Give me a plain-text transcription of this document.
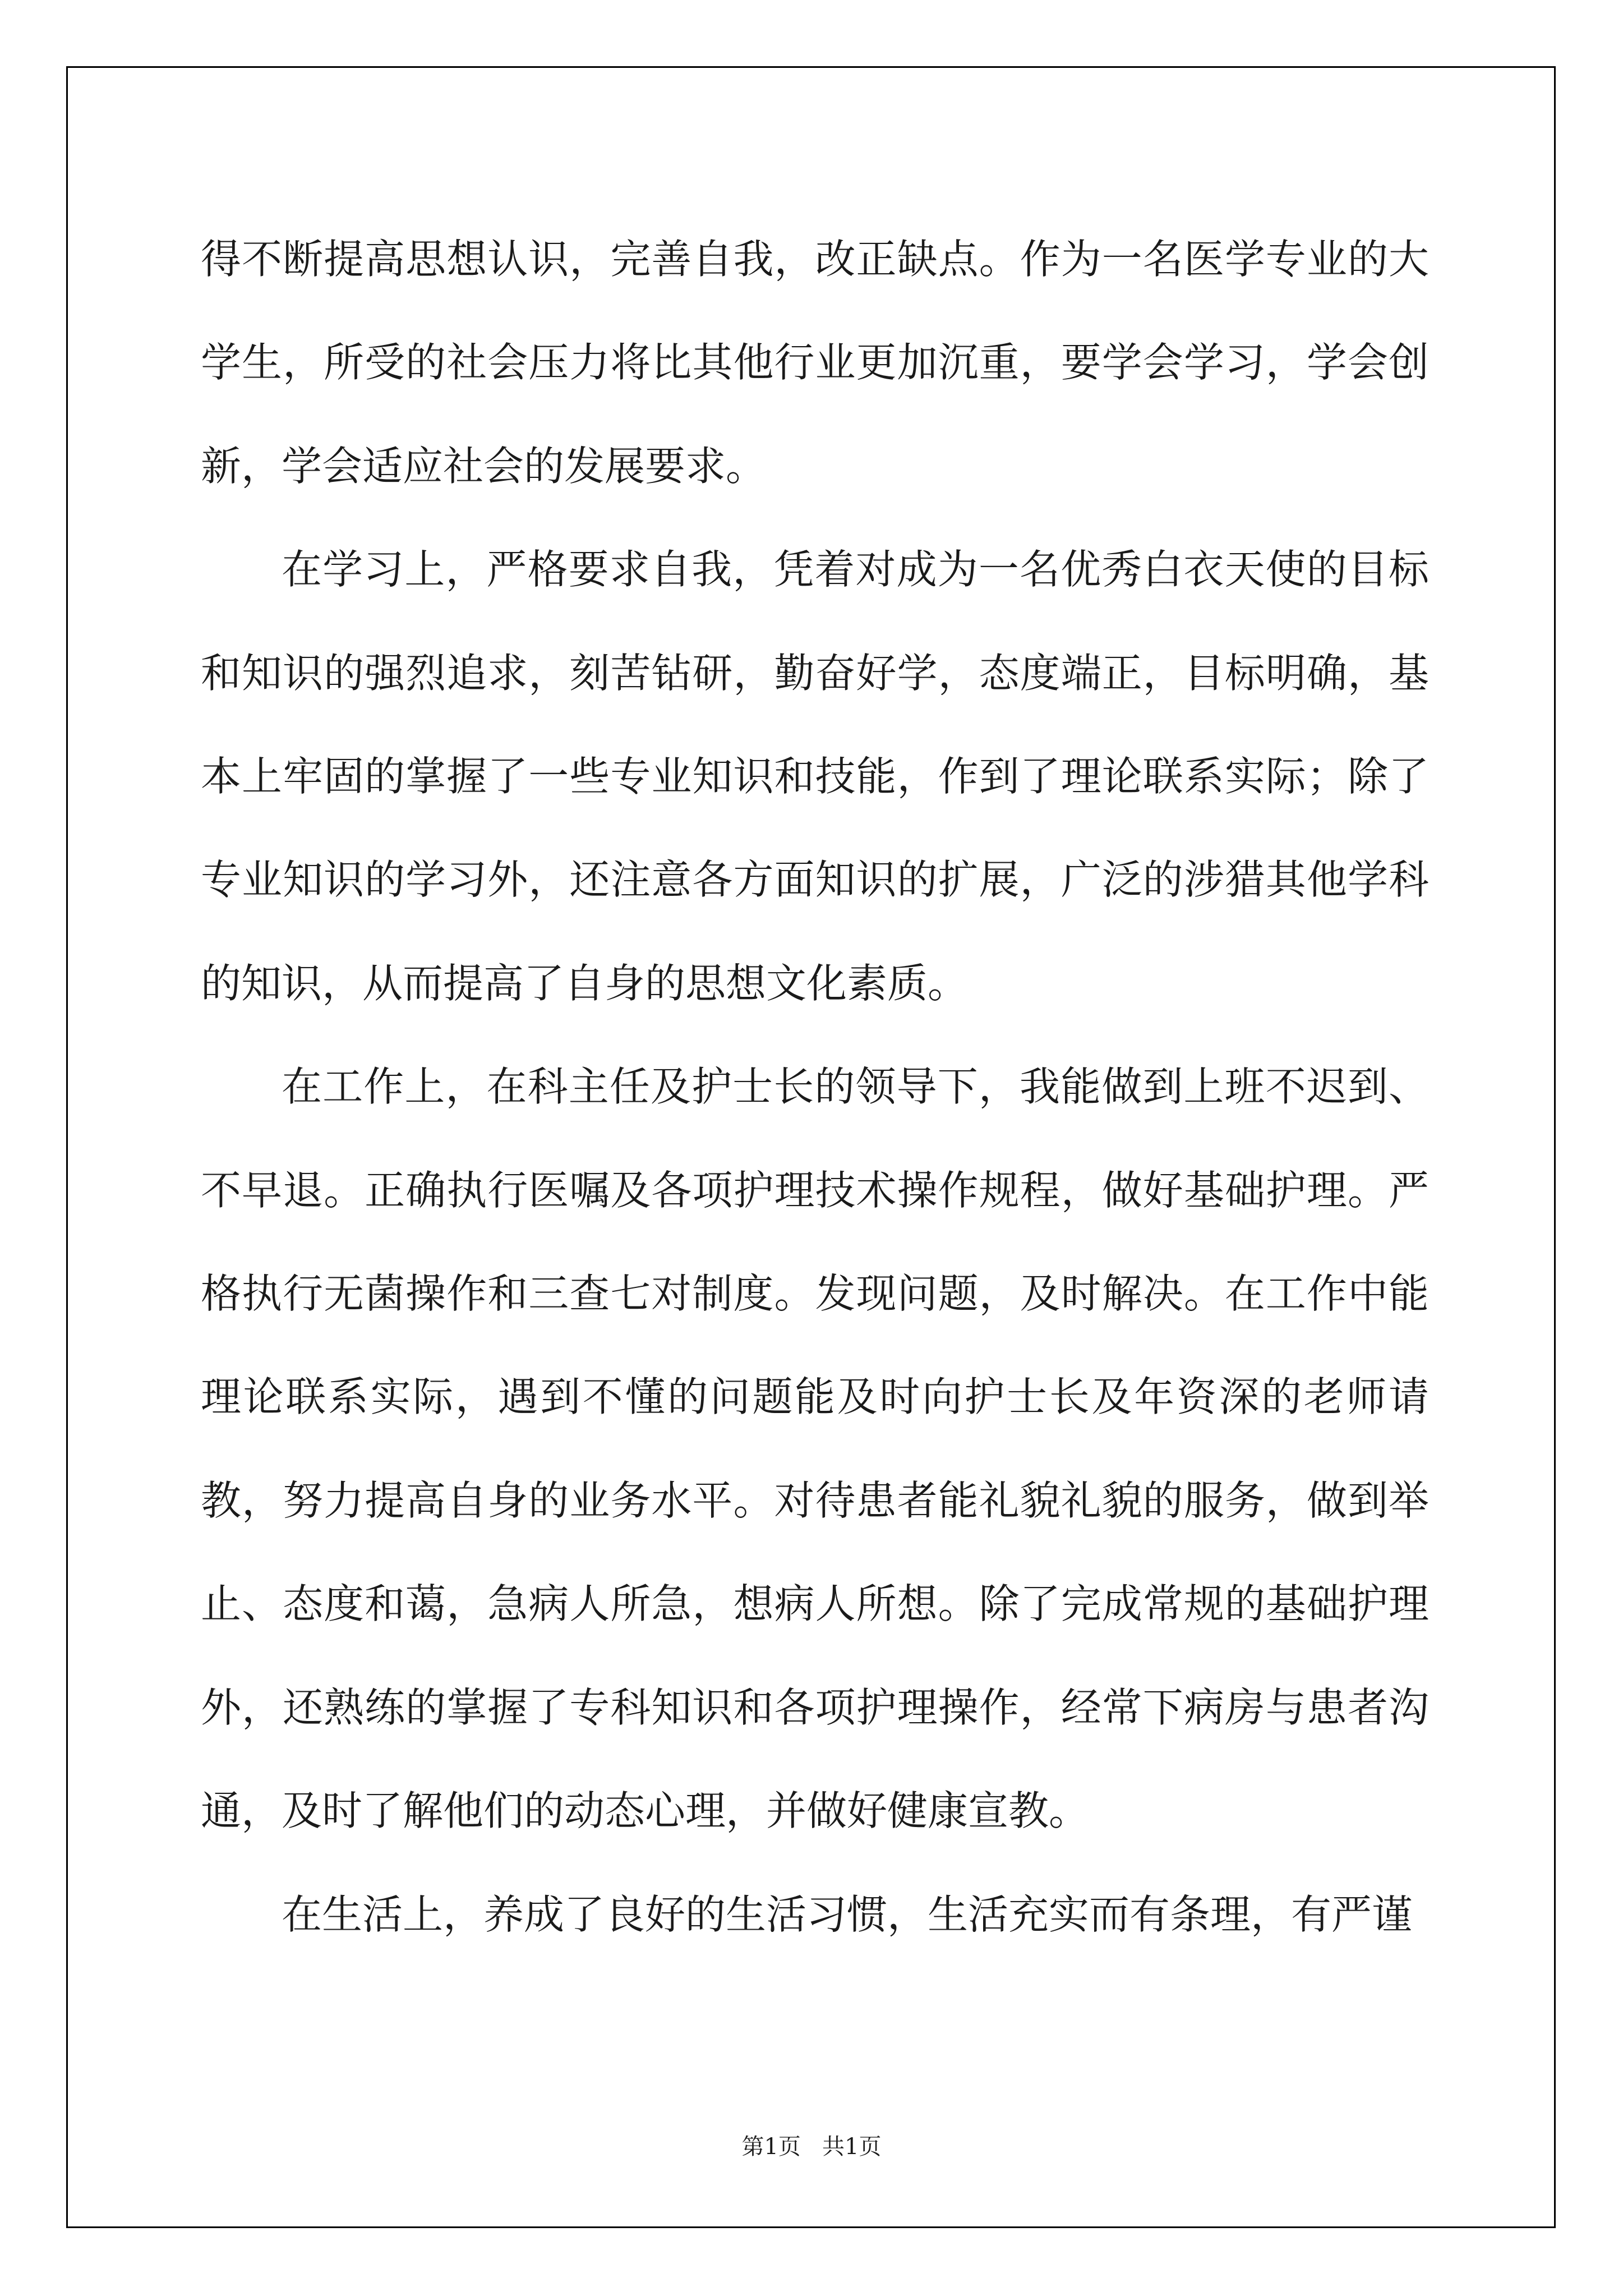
得不断提高思想认识，完善自我，改正缺点。作为一名医学专业的大学生，所受的社会压力将比其他行业更加沉重，要学会学习，学会创新，学会适应社会的发展要求。

在学习上，严格要求自我，凭着对成为一名优秀白衣天使的目标和知识的强烈追求，刻苦钻研，勤奋好学，态度端正，目标明确，基本上牢固的掌握了一些专业知识和技能，作到了理论联系实际；除了专业知识的学习外，还注意各方面知识的扩展，广泛的涉猎其他学科的知识，从而提高了自身的思想文化素质。

在工作上，在科主任及护士长的领导下，我能做到上班不迟到、不早退。正确执行医嘱及各项护理技术操作规程，做好基础护理。严格执行无菌操作和三查七对制度。发现问题，及时解决。在工作中能理论联系实际，遇到不懂的问题能及时向护士长及年资深的老师请教，努力提高自身的业务水平。对待患者能礼貌礼貌的服务，做到举止、态度和蔼，急病人所急，想病人所想。除了完成常规的基础护理外，还熟练的掌握了专科知识和各项护理操作，经常下病房与患者沟通，及时了解他们的动态心理，并做好健康宣教。

在生活上，养成了良好的生活习惯，生活充实而有条理，有严谨

第1页   共1页
